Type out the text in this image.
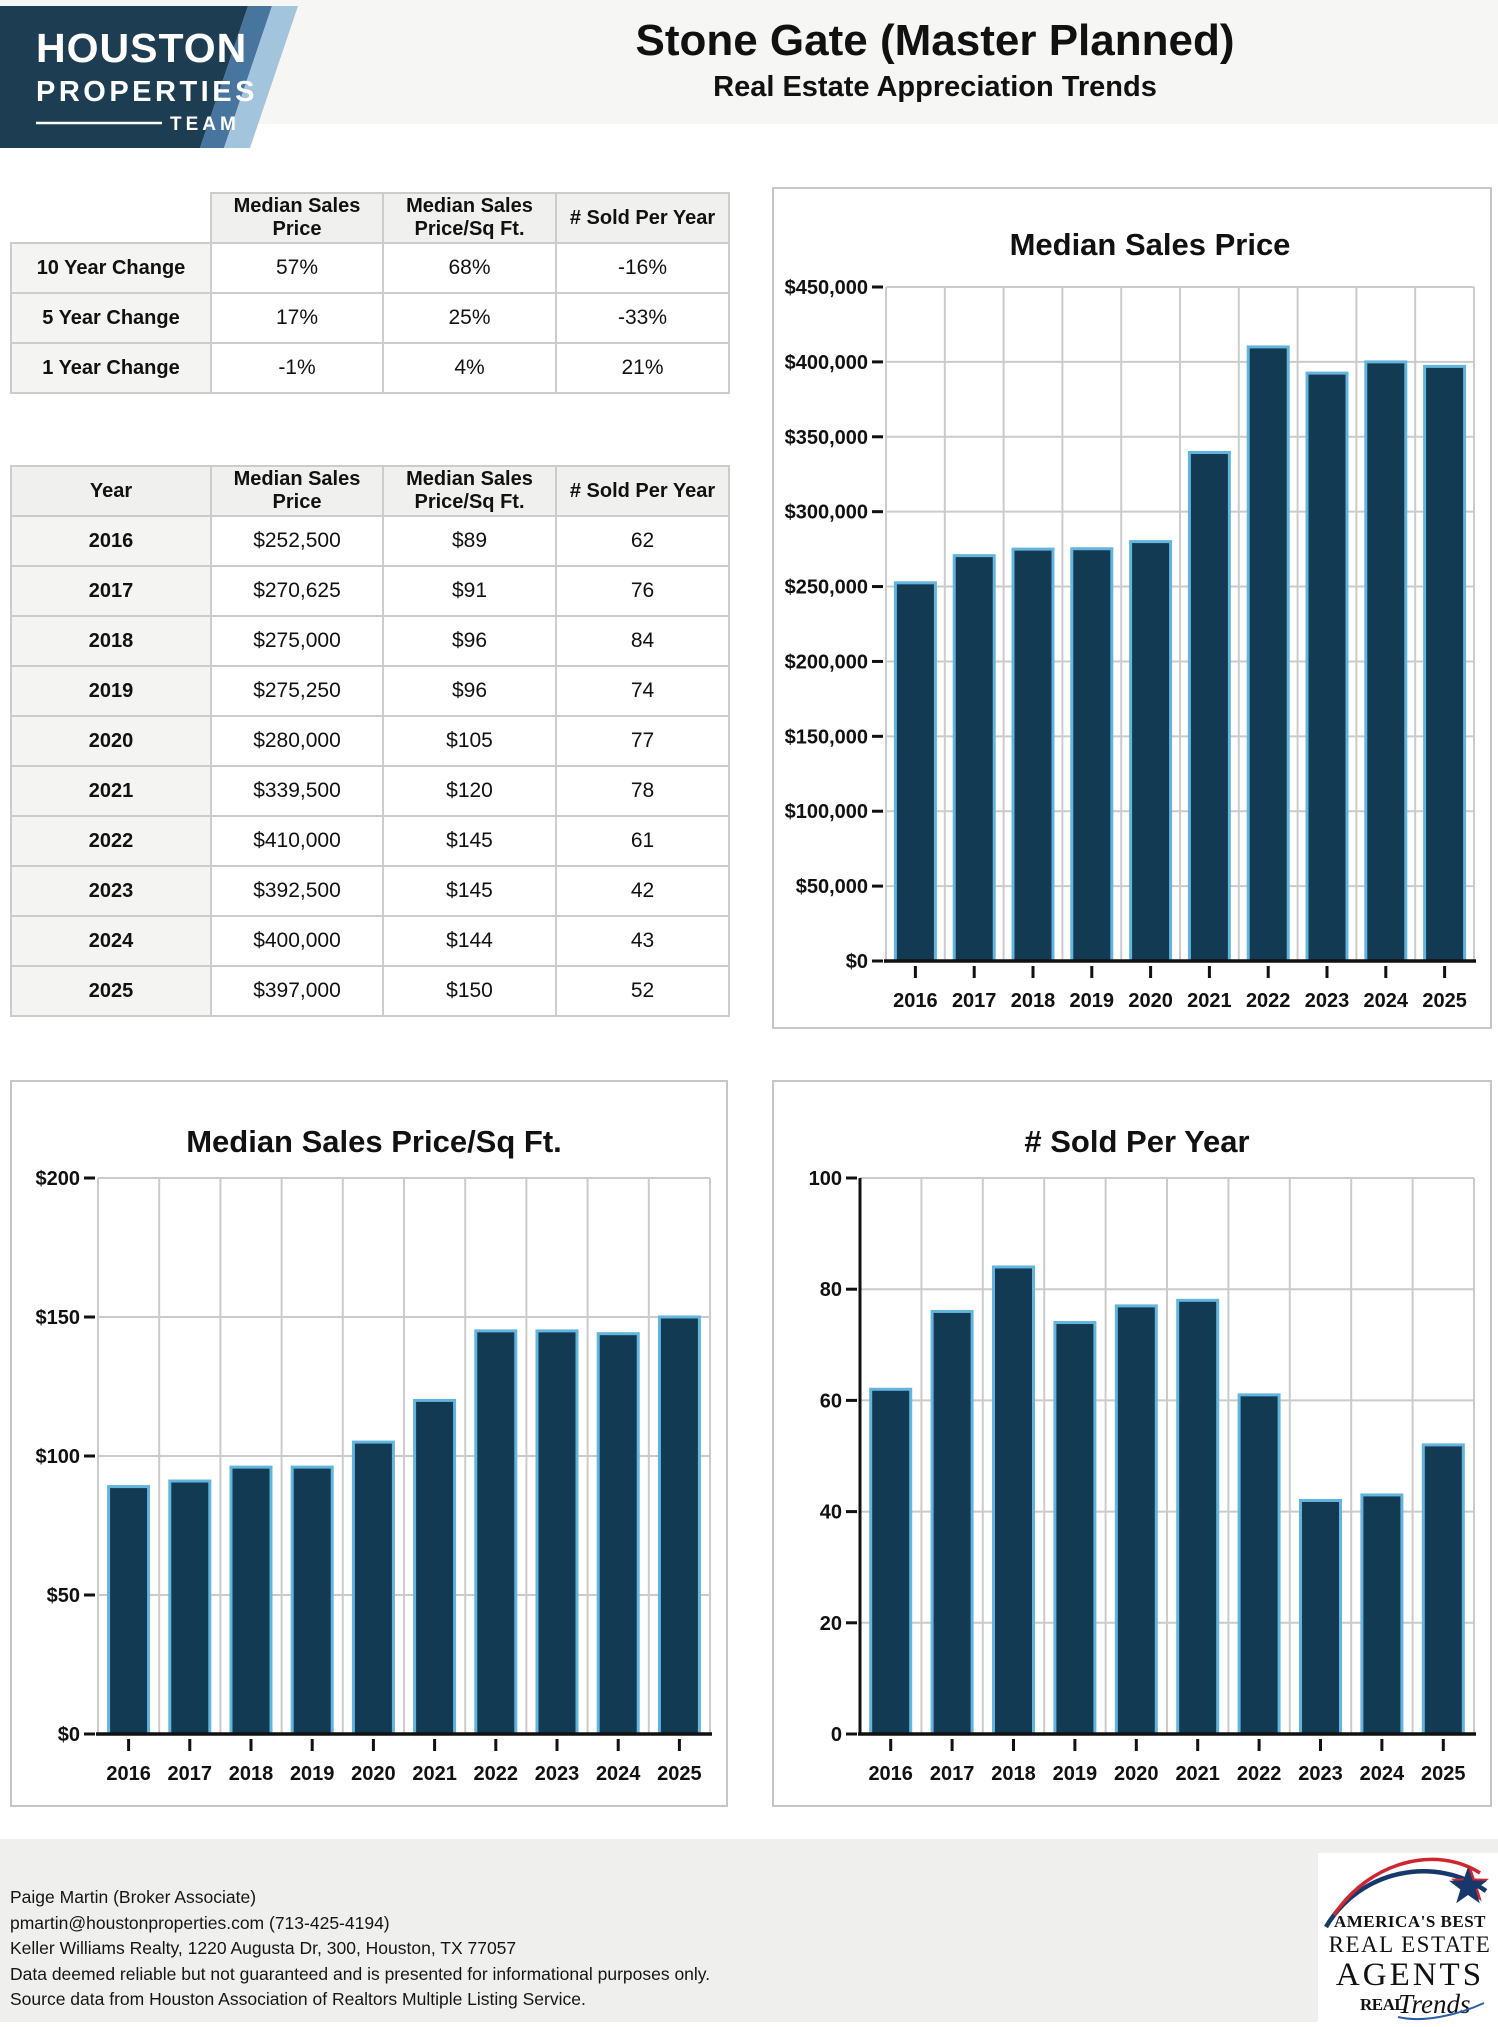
HOUSTON
PROPERTIES
TEAM
Stone Gate (Master Planned)
Real Estate Appreciation Trends
	Median Sales Price	Median Sales Price/Sq Ft.	# Sold Per Year
10 Year Change	57%	68%	-16%
5 Year Change	17%	25%	-33%
1 Year Change	-1%	4%	21%
Year	Median Sales Price	Median Sales Price/Sq Ft.	# Sold Per Year
2016	$252,500	$89	62
2017	$270,625	$91	76
2018	$275,000	$96	84
2019	$275,250	$96	74
2020	$280,000	$105	77
2021	$339,500	$120	78
2022	$410,000	$145	61
2023	$392,500	$145	42
2024	$400,000	$144	43
2025	$397,000	$150	52
$450,000
$400,000
$350,000
$300,000
$250,000
$200,000
$150,000
$100,000
$50,000
$0
2016 2017 2018 2019 2020 2021 2022 2023 2024 2025
Median Sales Price
$200
$150
$100
$50
$0
2016 2017 2018 2019 2020 2021 2022 2023 2024 2025
Median Sales Price/Sq Ft.
100
80
60
40
20
0
2016 2017 2018 2019 2020 2021 2022 2023 2024 2025
# Sold Per Year
Paige Martin (Broker Associate)
pmartin@houstonproperties.com (713-425-4194)
Keller Williams Realty, 1220 Augusta Dr, 300, Houston, TX 77057
Data deemed reliable but not guaranteed and is presented for informational purposes only.
Source data from Houston Association of Realtors Multiple Listing Service.
AMERICA'S BEST
REAL ESTATE
AGENTS
REAL
Trends
